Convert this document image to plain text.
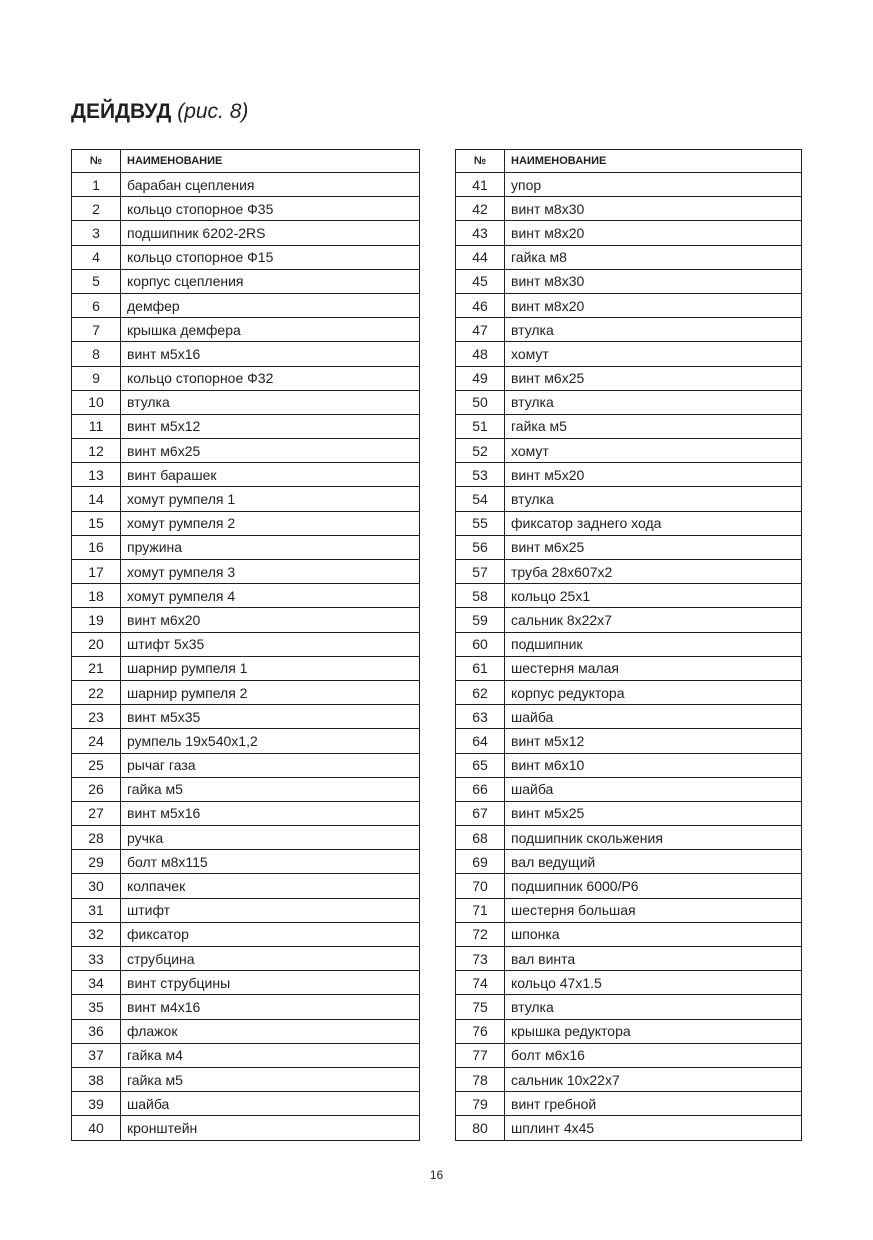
ДЕЙДВУД (рис. 8)
№	НАИМЕНОВАНИЕ
1	барабан сцепления
2	кольцо стопорное Ф35
3	подшипник 6202-2RS
4	кольцо стопорное Ф15
5	корпус сцепления
6	демфер
7	крышка демфера
8	винт м5х16
9	кольцо стопорное Ф32
10	втулка
11	винт м5х12
12	винт м6х25
13	винт барашек
14	хомут румпеля 1
15	хомут румпеля 2
16	пружина
17	хомут румпеля 3
18	хомут румпеля 4
19	винт м6х20
20	штифт 5х35
21	шарнир румпеля 1
22	шарнир румпеля 2
23	винт м5х35
24	румпель 19х540х1,2
25	рычаг газа
26	гайка м5
27	винт м5х16
28	ручка
29	болт м8х115
30	колпачек
31	штифт
32	фиксатор
33	струбцина
34	винт струбцины
35	винт м4х16
36	флажок
37	гайка м4
38	гайка м5
39	шайба
40	кронштейн
№	НАИМЕНОВАНИЕ
41	упор
42	винт м8х30
43	винт м8х20
44	гайка м8
45	винт м8х30
46	винт м8х20
47	втулка
48	хомут
49	винт м6х25
50	втулка
51	гайка м5
52	хомут
53	винт м5х20
54	втулка
55	фиксатор заднего хода
56	винт м6х25
57	труба 28х607х2
58	кольцо 25х1
59	сальник 8х22х7
60	подшипник
61	шестерня малая
62	корпус редуктора
63	шайба
64	винт м5х12
65	винт м6х10
66	шайба
67	винт м5х25
68	подшипник скольжения
69	вал ведущий
70	подшипник 6000/P6
71	шестерня большая
72	шпонка
73	вал винта
74	кольцо 47х1.5
75	втулка
76	крышка редуктора
77	болт м6х16
78	сальник 10х22х7
79	винт гребной
80	шплинт 4х45
16
